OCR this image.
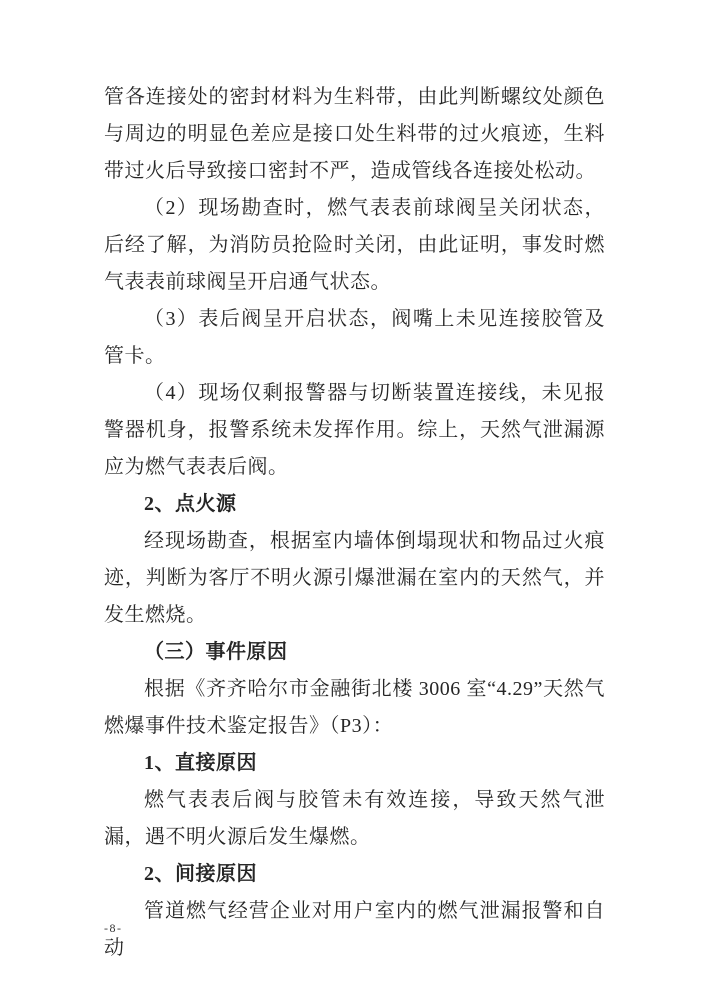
管各连接处的密封材料为生料带，由此判断螺纹处颜色与周边的明显色差应是接口处生料带的过火痕迹，生料带过火后导致接口密封不严，造成管线各连接处松动。

（2）现场勘查时，燃气表表前球阀呈关闭状态，后经了解，为消防员抢险时关闭，由此证明，事发时燃气表表前球阀呈开启通气状态。

（3）表后阀呈开启状态，阀嘴上未见连接胶管及管卡。

（4）现场仅剩报警器与切断装置连接线，未见报警器机身，报警系统未发挥作用。综上，天然气泄漏源应为燃气表表后阀。

2、点火源

经现场勘查，根据室内墙体倒塌现状和物品过火痕迹，判断为客厅不明火源引爆泄漏在室内的天然气，并发生燃烧。

（三）事件原因

根据《齐齐哈尔市金融街北楼 3006 室“4.29”天然气燃爆事件技术鉴定报告》（P3）：

1、直接原因

燃气表表后阀与胶管未有效连接，导致天然气泄漏，遇不明火源后发生爆燃。

2、间接原因

管道燃气经营企业对用户室内的燃气泄漏报警和自动

-8-
